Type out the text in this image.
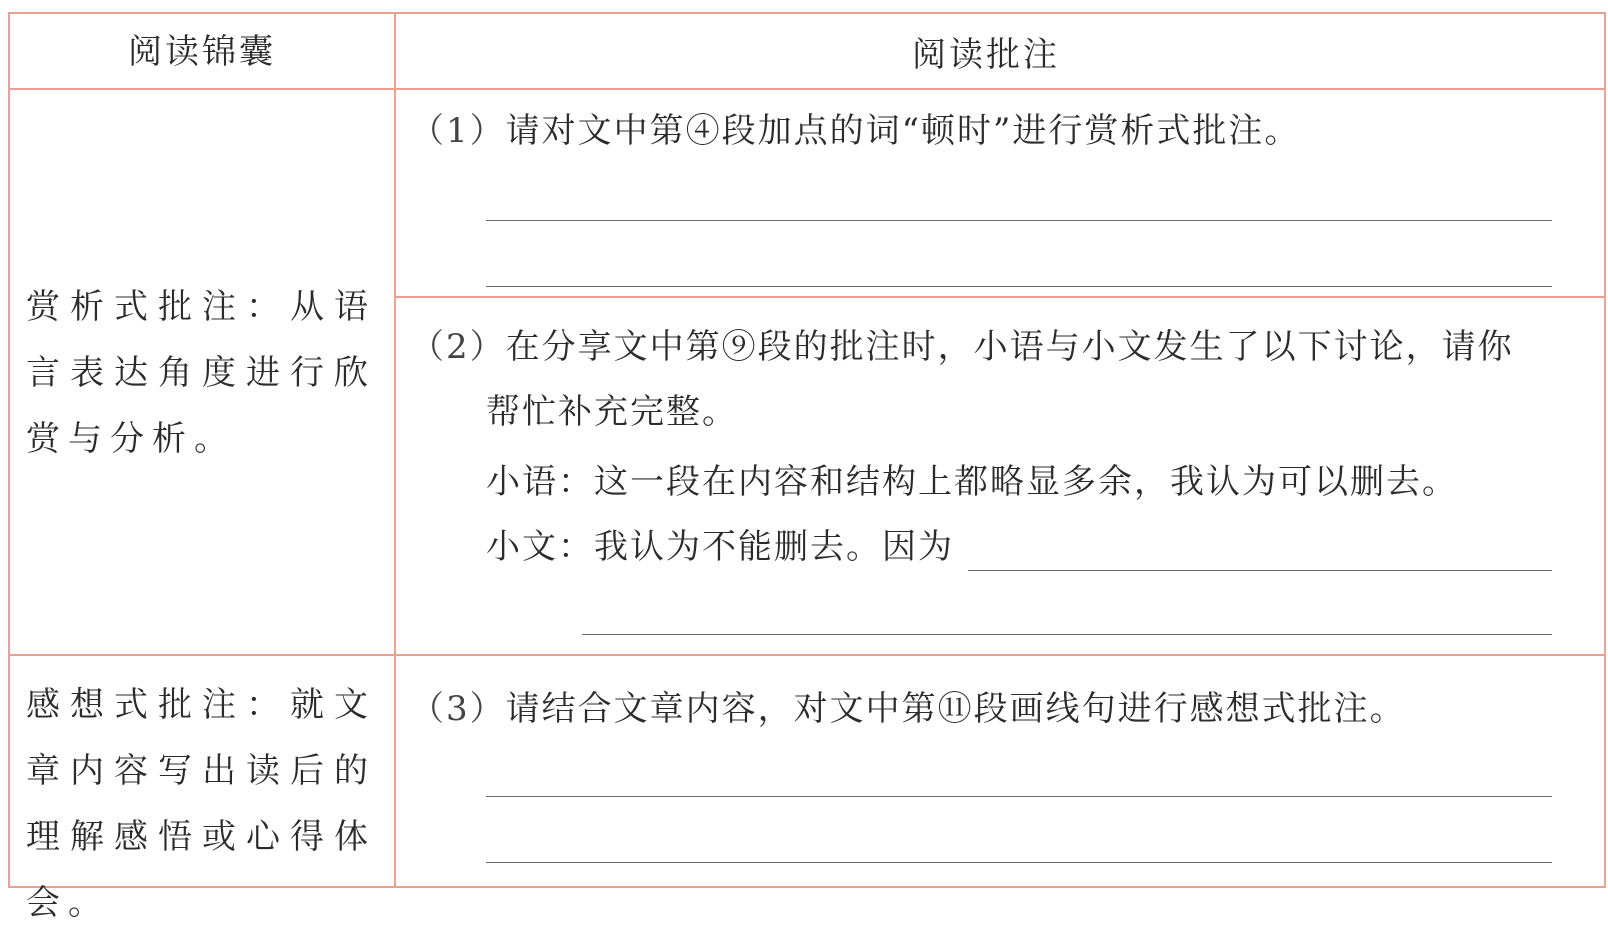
阅读锦囊	阅读批注
赏析式批注：从语言表达角度进行欣赏与分析。
感想式批注：就文章内容写出读后的理解感悟或心得体会。
（1）请对文中第④段加点的词“顿时”进行赏析式批注。
（2）在分享文中第⑨段的批注时，小语与小文发生了以下讨论，请你
帮忙补充完整。
小语：这一段在内容和结构上都略显多余，我认为可以删去。
小文：我认为不能删去。因为
（3）请结合文章内容，对文中第⑪段画线句进行感想式批注。
